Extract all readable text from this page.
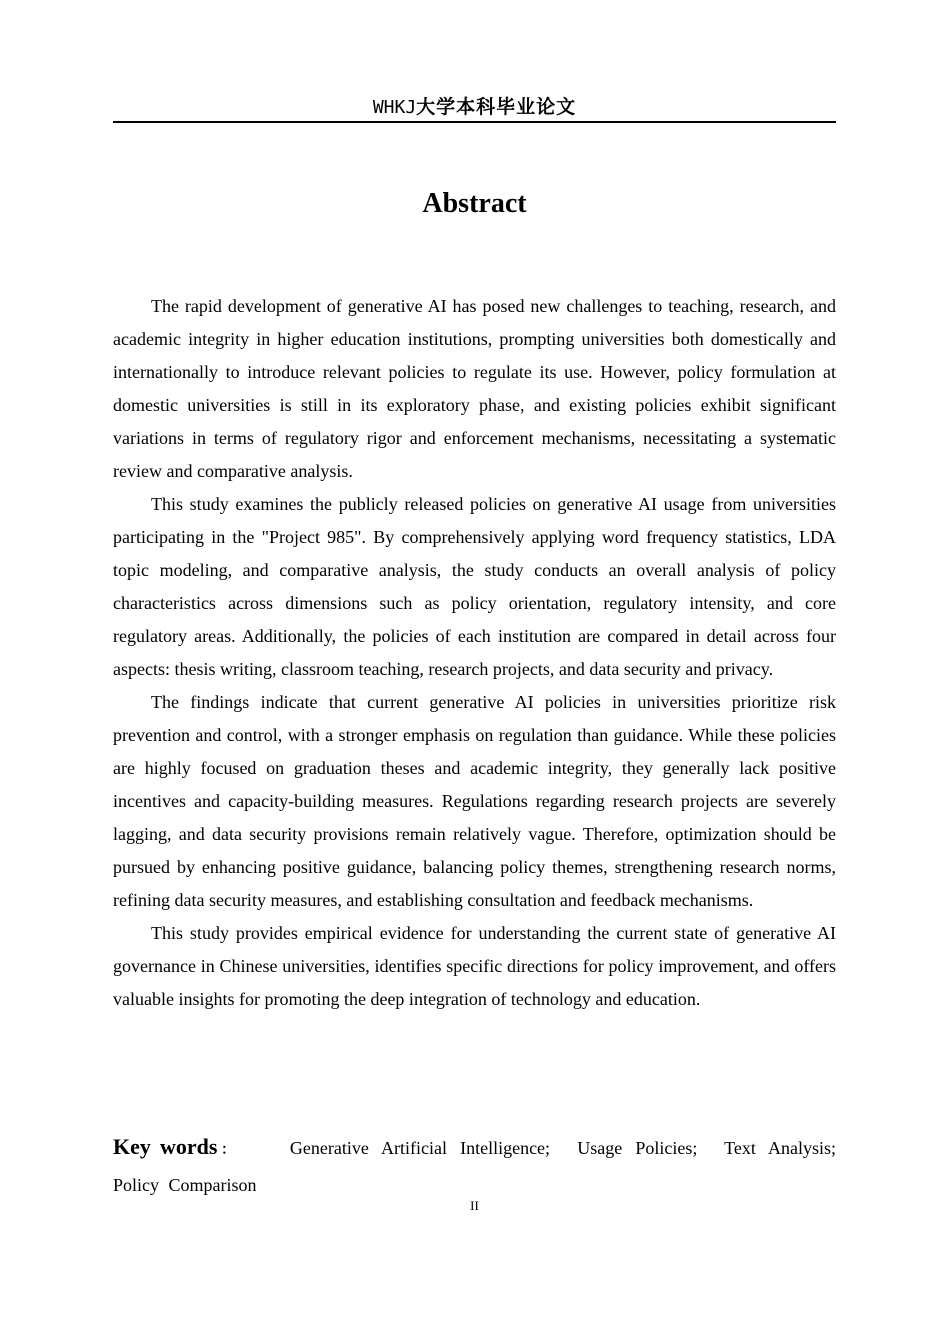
WHKJ大学本科毕业论文
Abstract

The rapid development of generative AI has posed new challenges to teaching, research, and academic integrity in higher education institutions, prompting universities both domestically and internationally to introduce relevant policies to regulate its use. However, policy formulation at domestic universities is still in its exploratory phase, and existing policies exhibit significant variations in terms of regulatory rigor and enforcement mechanisms, necessitating a systematic review and comparative analysis.

This study examines the publicly released policies on generative AI usage from universities participating in the "Project 985". By comprehensively applying word frequency statistics, LDA topic modeling, and comparative analysis, the study conducts an overall analysis of policy characteristics across dimensions such as policy orientation, regulatory intensity, and core regulatory areas. Additionally, the policies of each institution are compared in detail across four aspects: thesis writing, classroom teaching, research projects, and data security and privacy.

The findings indicate that current generative AI policies in universities prioritize risk prevention and control, with a stronger emphasis on regulation than guidance. While these policies are highly focused on graduation theses and academic integrity, they generally lack positive incentives and capacity-building measures. Regulations regarding research projects are severely lagging, and data security provisions remain relatively vague. Therefore, optimization should be pursued by enhancing positive guidance, balancing policy themes, strengthening research norms, refining data security measures, and establishing consultation and feedback mechanisms.

This study provides empirical evidence for understanding the current state of generative AI governance in Chinese universities, identifies specific directions for policy improvement, and offers valuable insights for promoting the deep integration of technology and education.

Key words：	Generative Artificial Intelligence; Usage Policies; Text Analysis; Policy Comparison
II
